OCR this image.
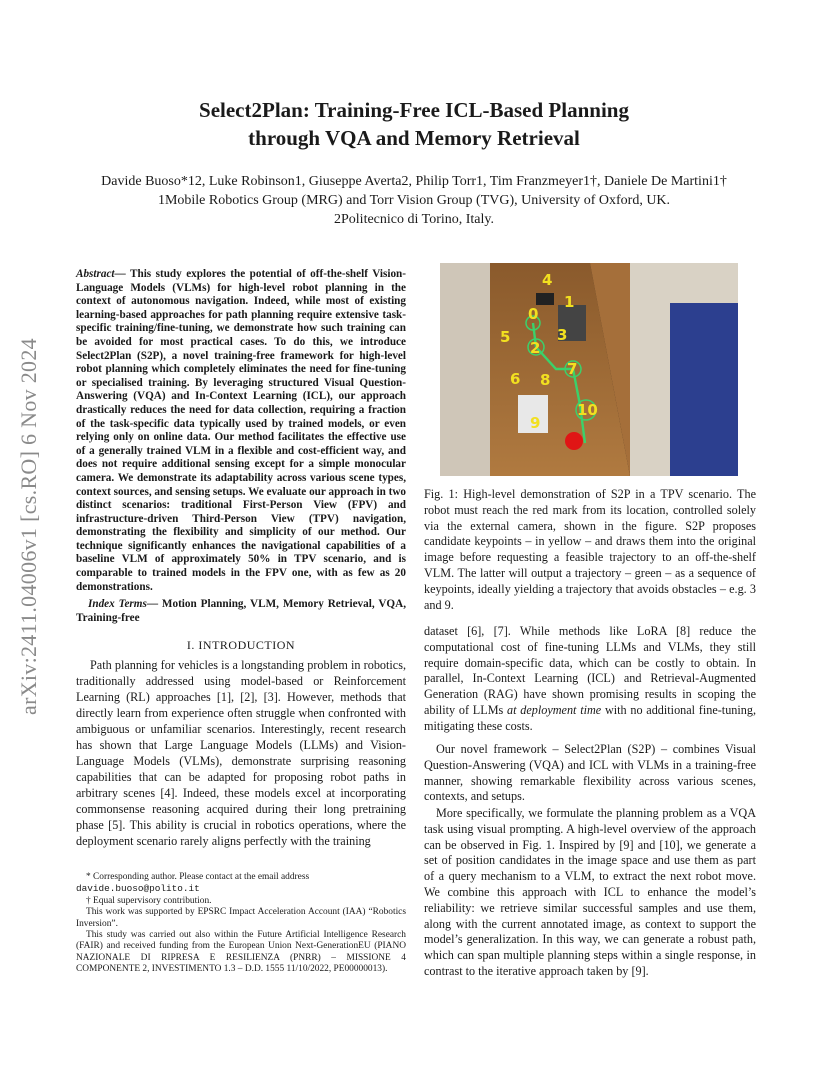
Select2Plan: Training-Free ICL-Based Planning
through VQA and Memory Retrieval
Davide Buoso*12, Luke Robinson1, Giuseppe Averta2, Philip Torr1, Tim Franzmeyer1†, Daniele De Martini1†
1Mobile Robotics Group (MRG) and Torr Vision Group (TVG), University of Oxford, UK.
2Politecnico di Torino, Italy.
arXiv:2411.04006v1 [cs.RO] 6 Nov 2024
Abstract— This study explores the potential of off-the-shelf Vision-Language Models (VLMs) for high-level robot planning in the context of autonomous navigation. Indeed, while most of existing learning-based approaches for path planning require extensive task-specific training/fine-tuning, we demonstrate how such training can be avoided for most practical cases. To do this, we introduce Select2Plan (S2P), a novel training-free framework for high-level robot planning which completely eliminates the need for fine-tuning or specialised training. By leveraging structured Visual Question-Answering (VQA) and In-Context Learning (ICL), our approach drastically reduces the need for data collection, requiring a fraction of the task-specific data typically used by trained models, or even relying only on online data. Our method facilitates the effective use of a generally trained VLM in a flexible and cost-efficient way, and does not require additional sensing except for a simple monocular camera. We demonstrate its adaptability across various scene types, context sources, and sensing setups. We evaluate our approach in two distinct scenarios: traditional First-Person View (FPV) and infrastructure-driven Third-Person View (TPV) navigation, demonstrating the flexibility and simplicity of our method. Our technique significantly enhances the navigational capabilities of a baseline VLM of approximately 50% in TPV scenario, and is comparable to trained models in the FPV one, with as few as 20 demonstrations.
Index Terms— Motion Planning, VLM, Memory Retrieval, VQA, Training-free
I. INTRODUCTION
Path planning for vehicles is a longstanding problem in robotics, traditionally addressed using model-based or Reinforcement Learning (RL) approaches [1], [2], [3]. However, methods that directly learn from experience often struggle when confronted with ambiguous or unfamiliar scenarios. Interestingly, recent research has shown that Large Language Models (LLMs) and Vision-Language Models (VLMs), demonstrate surprising reasoning capabilities that can be adapted for proposing robot paths in arbitrary scenes [4]. Indeed, these models excel at incorporating commonsense reasoning acquired during their long pretraining phase [5]. This ability is crucial in robotics operations, where the deployment scenario rarely aligns perfectly with the training

* Corresponding author. Please contact at the email address
davide.buoso@polito.it

† Equal supervisory contribution.

This work was supported by EPSRC Impact Acceleration Account (IAA) “Robotics Inversion”.

This study was carried out also within the Future Artificial Intelligence Research (FAIR) and received funding from the European Union Next-GenerationEU (PIANO NAZIONALE DI RIPRESA E RESILIENZA (PNRR) – MISSIONE 4 COMPONENTE 2, INVESTIMENTO 1.3 – D.D. 1555 11/10/2022, PE00000013).

0
1
2
3
4
5
6
7
8
9
10
Fig. 1: High-level demonstration of S2P in a TPV scenario. The robot must reach the red mark from its location, controlled solely via the external camera, shown in the figure. S2P proposes candidate keypoints – in yellow – and draws them into the original image before requesting a feasible trajectory to an off-the-shelf VLM. The latter will output a trajectory – green – as a sequence of keypoints, ideally yielding a trajectory that avoids obstacles – e.g. 3 and 9.
dataset [6], [7]. While methods like LoRA [8] reduce the computational cost of fine-tuning LLMs and VLMs, they still require domain-specific data, which can be costly to obtain. In parallel, In-Context Learning (ICL) and Retrieval-Augmented Generation (RAG) have shown promising results in scoping the ability of LLMs at deployment time with no additional fine-tuning, mitigating these costs.
Our novel framework – Select2Plan (S2P) – combines Visual Question-Answering (VQA) and ICL with VLMs in a training-free manner, showing remarkable flexibility across various scenes, contexts, and setups.
More specifically, we formulate the planning problem as a VQA task using visual prompting. A high-level overview of the approach can be observed in Fig. 1. Inspired by [9] and [10], we generate a set of position candidates in the image space and use them as part of a query mechanism to a VLM, to extract the next robot move. We combine this approach with ICL to enhance the model’s reliability: we retrieve similar successful samples and use them, along with the current annotated image, as context to support the model’s generalization. In this way, we can generate a robust path, which can span multiple planning steps within a single response, in contrast to the iterative approach taken by [9].
